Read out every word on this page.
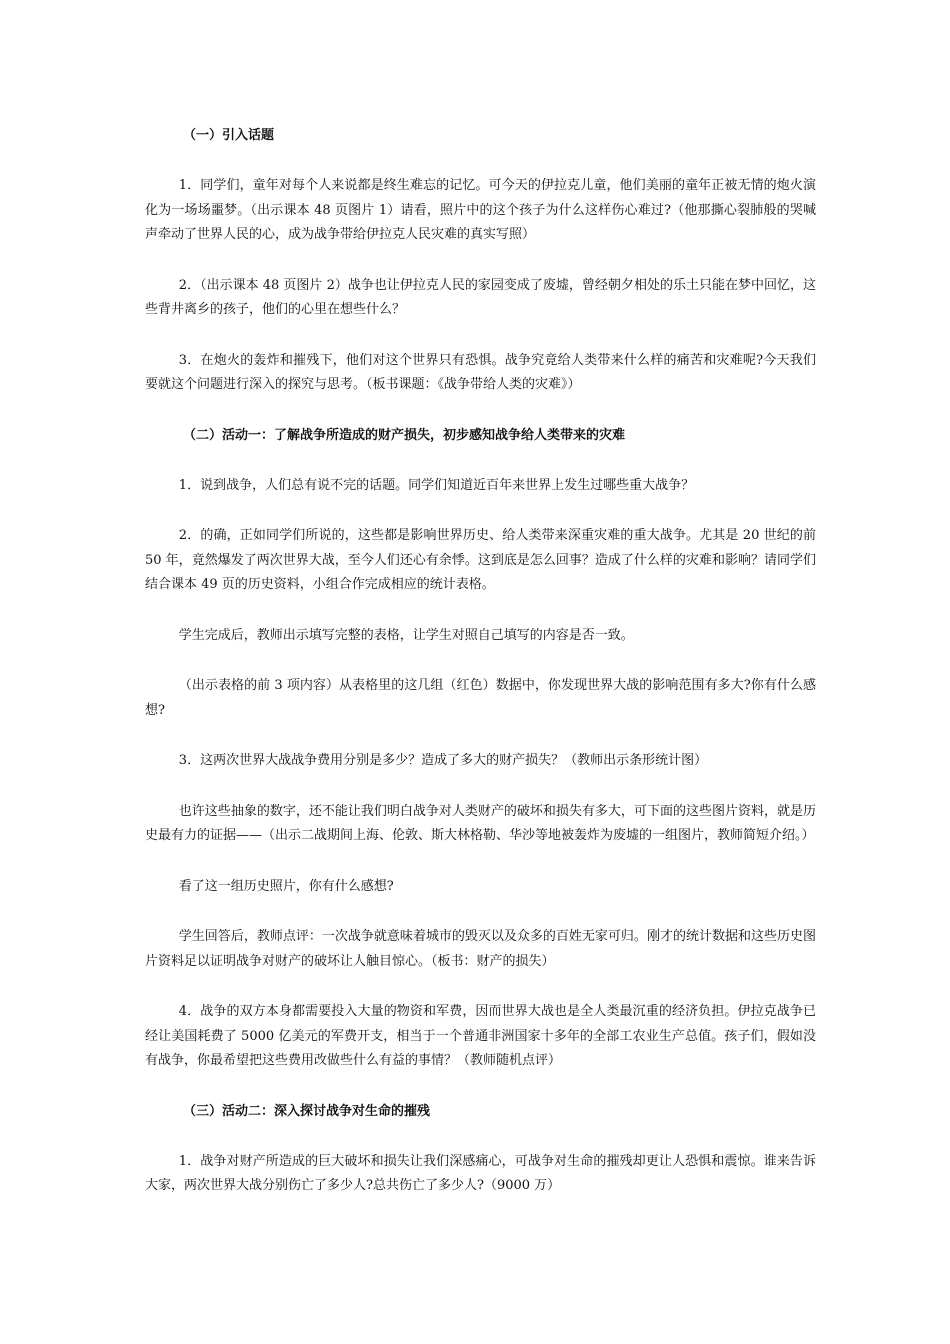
（一）引入话题

1．同学们，童年对每个人来说都是终生难忘的记忆。可今天的伊拉克儿童，他们美丽的童年正被无情的炮火演化为一场场噩梦。（出示课本 48 页图片 1）请看，照片中的这个孩子为什么这样伤心难过?（他那撕心裂肺般的哭喊声牵动了世界人民的心，成为战争带给伊拉克人民灾难的真实写照）

2．（出示课本 48 页图片 2）战争也让伊拉克人民的家园变成了废墟，曾经朝夕相处的乐土只能在梦中回忆，这些背井离乡的孩子，他们的心里在想些什么？

3．在炮火的轰炸和摧残下，他们对这个世界只有恐惧。战争究竟给人类带来什么样的痛苦和灾难呢?今天我们要就这个问题进行深入的探究与思考。（板书课题：《战争带给人类的灾难》）

（二）活动一：了解战争所造成的财产损失，初步感知战争给人类带来的灾难

1．说到战争，人们总有说不完的话题。同学们知道近百年来世界上发生过哪些重大战争？

2．的确，正如同学们所说的，这些都是影响世界历史、给人类带来深重灾难的重大战争。尤其是 20 世纪的前 50 年，竟然爆发了两次世界大战，至今人们还心有余悸。这到底是怎么回事？造成了什么样的灾难和影响？请同学们结合课本 49 页的历史资料，小组合作完成相应的统计表格。

学生完成后，教师出示填写完整的表格，让学生对照自己填写的内容是否一致。

（出示表格的前 3 项内容）从表格里的这几组（红色）数据中，你发现世界大战的影响范围有多大?你有什么感想?

3．这两次世界大战战争费用分别是多少？造成了多大的财产损失？（教师出示条形统计图）

也许这些抽象的数字，还不能让我们明白战争对人类财产的破坏和损失有多大，可下面的这些图片资料，就是历史最有力的证据——（出示二战期间上海、伦敦、斯大林格勒、华沙等地被轰炸为废墟的一组图片，教师简短介绍。）

看了这一组历史照片，你有什么感想?

学生回答后，教师点评：一次战争就意味着城市的毁灭以及众多的百姓无家可归。刚才的统计数据和这些历史图片资料足以证明战争对财产的破坏让人触目惊心。（板书：财产的损失）

4．战争的双方本身都需要投入大量的物资和军费，因而世界大战也是全人类最沉重的经济负担。伊拉克战争已经让美国耗费了 5000 亿美元的军费开支，相当于一个普通非洲国家十多年的全部工农业生产总值。孩子们，假如没有战争，你最希望把这些费用改做些什么有益的事情？（教师随机点评）

（三）活动二：深入探讨战争对生命的摧残

1．战争对财产所造成的巨大破坏和损失让我们深感痛心，可战争对生命的摧残却更让人恐惧和震惊。谁来告诉大家，两次世界大战分别伤亡了多少人?总共伤亡了多少人?（9000 万）
